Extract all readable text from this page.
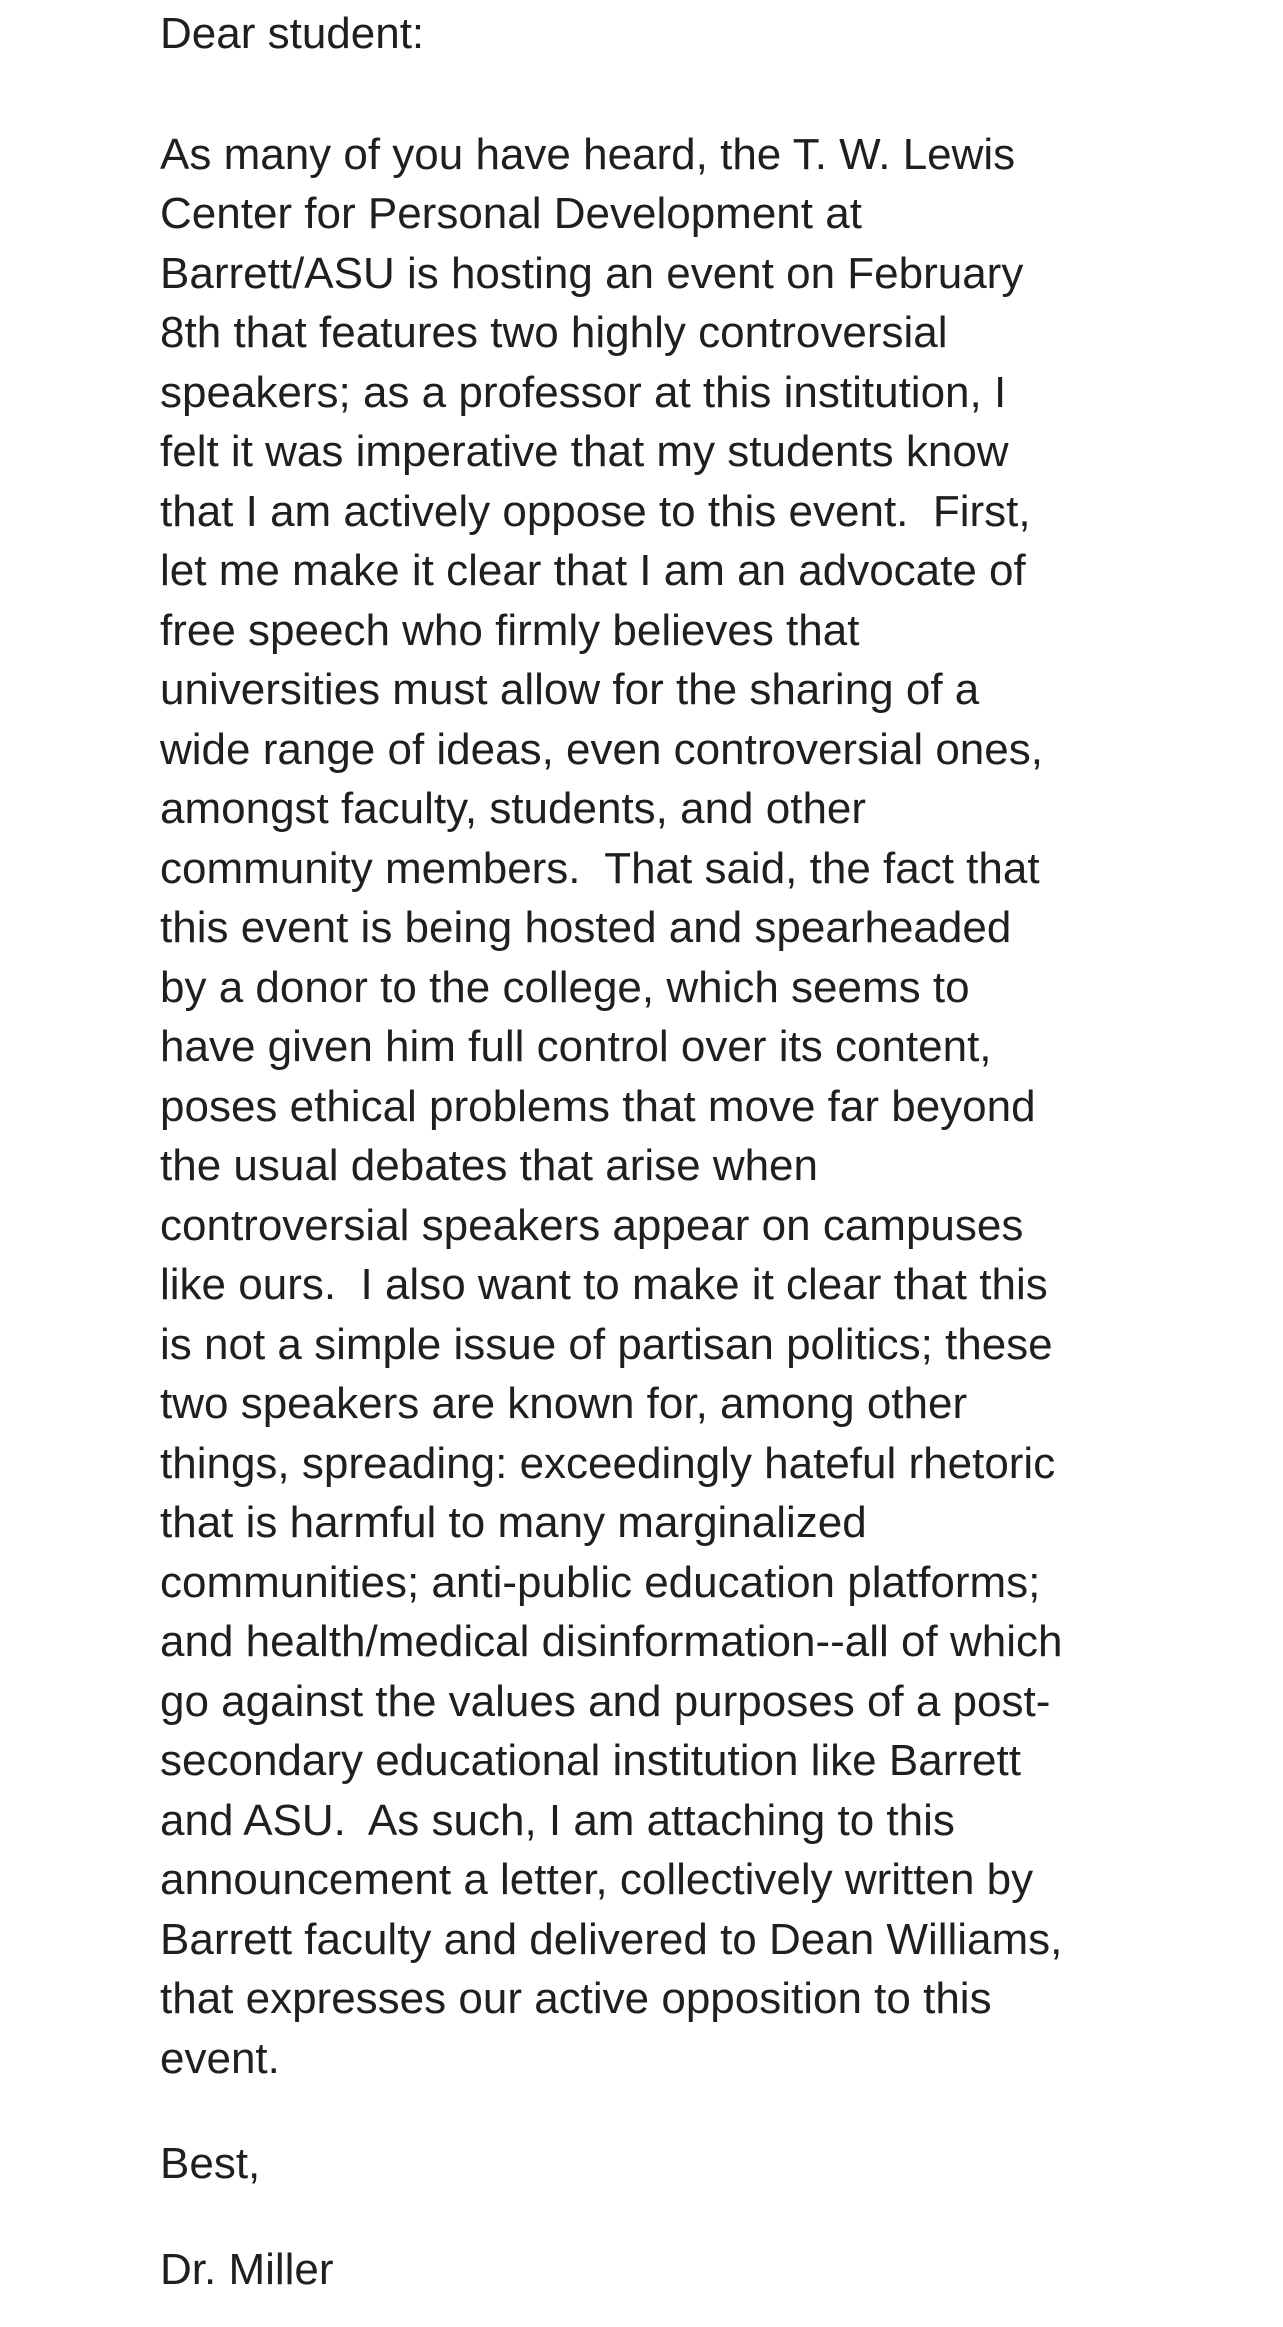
Dear student:
As many of you have heard, the T. W. Lewis
Center for Personal Development at
Barrett/ASU is hosting an event on February
8th that features two highly controversial
speakers; as a professor at this institution, I
felt it was imperative that my students know
that I am actively oppose to this event.  First,
let me make it clear that I am an advocate of
free speech who firmly believes that
universities must allow for the sharing of a
wide range of ideas, even controversial ones,
amongst faculty, students, and other
community members.  That said, the fact that
this event is being hosted and spearheaded
by a donor to the college, which seems to
have given him full control over its content,
poses ethical problems that move far beyond
the usual debates that arise when
controversial speakers appear on campuses
like ours.  I also want to make it clear that this
is not a simple issue of partisan politics; these
two speakers are known for, among other
things, spreading: exceedingly hateful rhetoric
that is harmful to many marginalized
communities; anti-public education platforms;
and health/medical disinformation--all of which
go against the values and purposes of a post-
secondary educational institution like Barrett
and ASU.  As such, I am attaching to this
announcement a letter, collectively written by
Barrett faculty and delivered to Dean Williams,
that expresses our active opposition to this
event.
Best,
Dr. Miller
